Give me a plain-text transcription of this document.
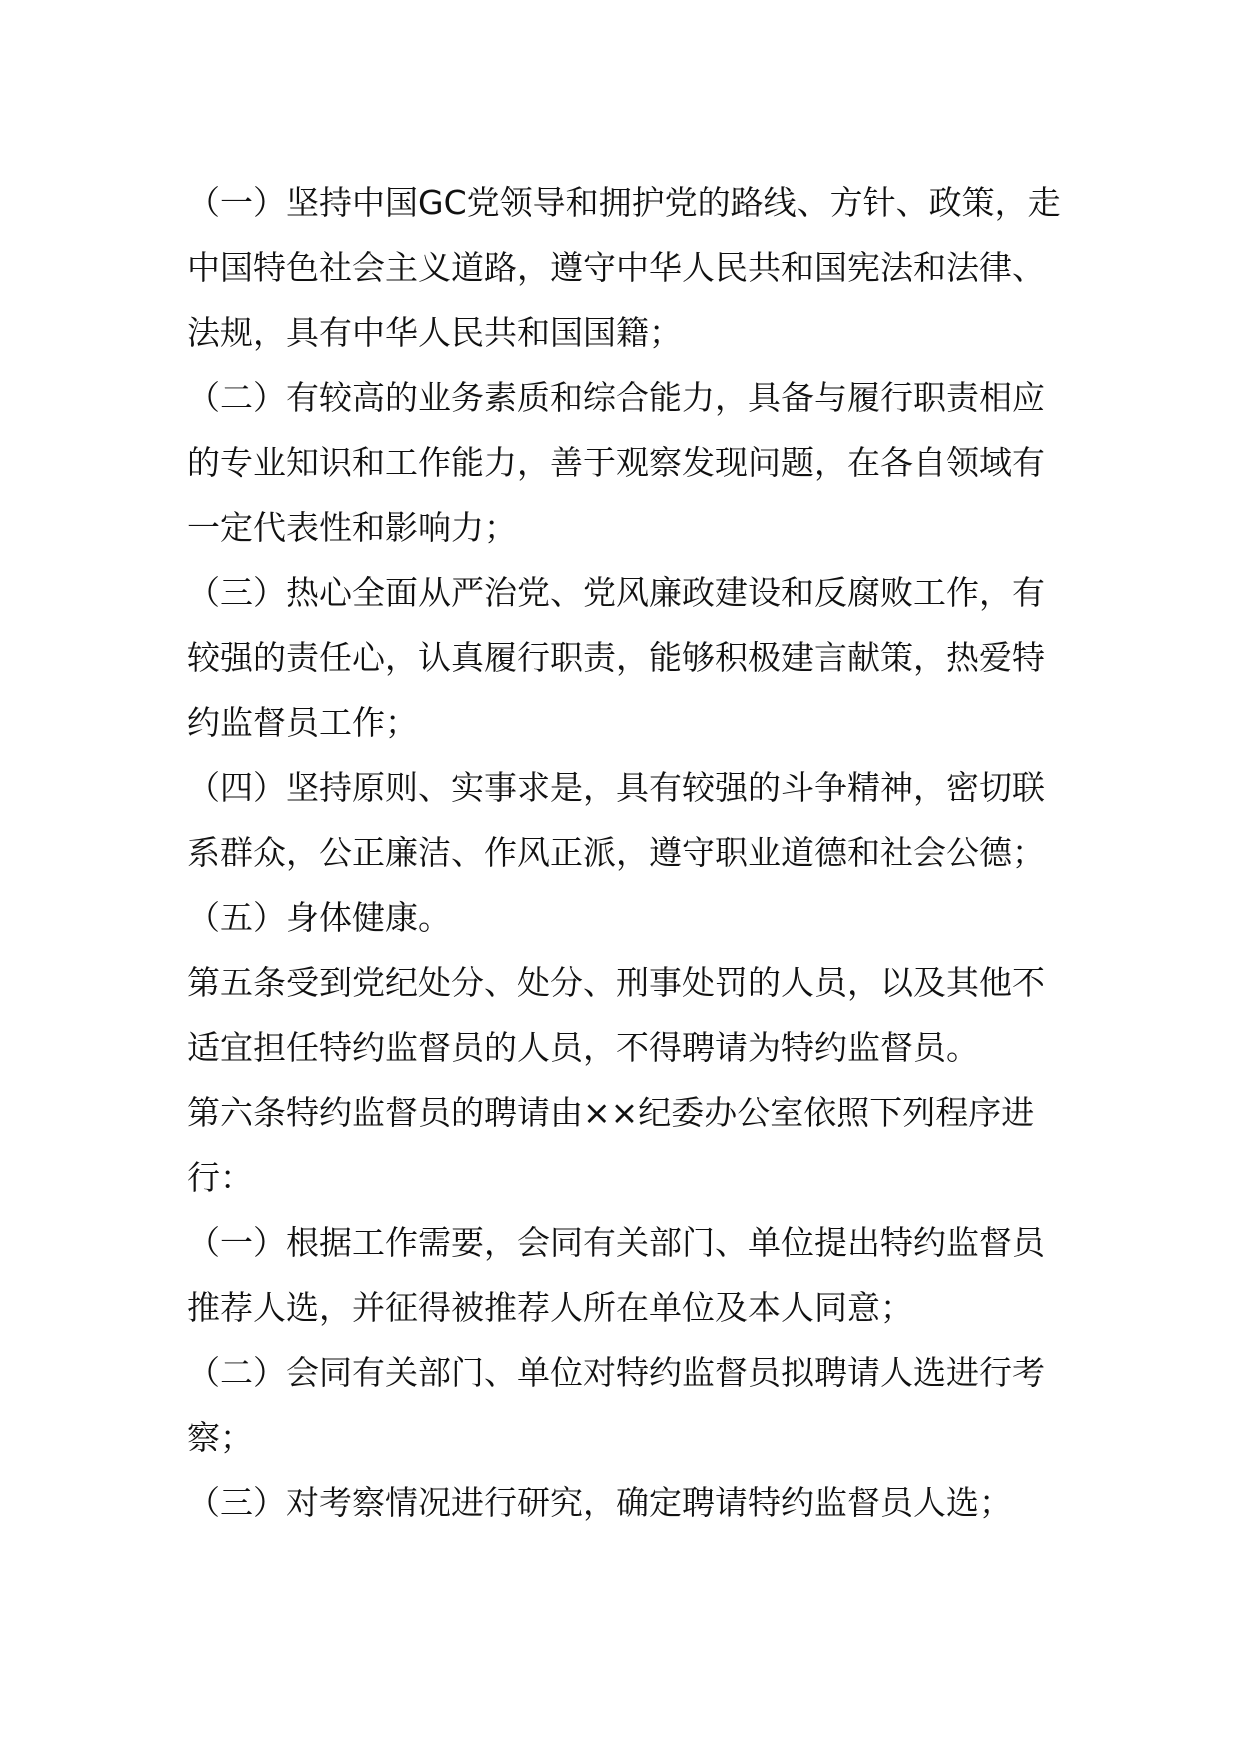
（一）坚持中国GC党领导和拥护党的路线、方针、政策，走中国特色社会主义道路，遵守中华人民共和国宪法和法律、法规，具有中华人民共和国国籍；

（二）有较高的业务素质和综合能力，具备与履行职责相应的专业知识和工作能力，善于观察发现问题，在各自领域有一定代表性和影响力；

（三）热心全面从严治党、党风廉政建设和反腐败工作，有较强的责任心，认真履行职责，能够积极建言献策，热爱特约监督员工作；

（四）坚持原则、实事求是，具有较强的斗争精神，密切联系群众，公正廉洁、作风正派，遵守职业道德和社会公德；

（五）身体健康。

第五条受到党纪处分、处分、刑事处罚的人员，以及其他不适宜担任特约监督员的人员，不得聘请为特约监督员。

第六条特约监督员的聘请由××纪委办公室依照下列程序进行：

（一）根据工作需要，会同有关部门、单位提出特约监督员推荐人选，并征得被推荐人所在单位及本人同意；

（二）会同有关部门、单位对特约监督员拟聘请人选进行考察；

（三）对考察情况进行研究，确定聘请特约监督员人选；
